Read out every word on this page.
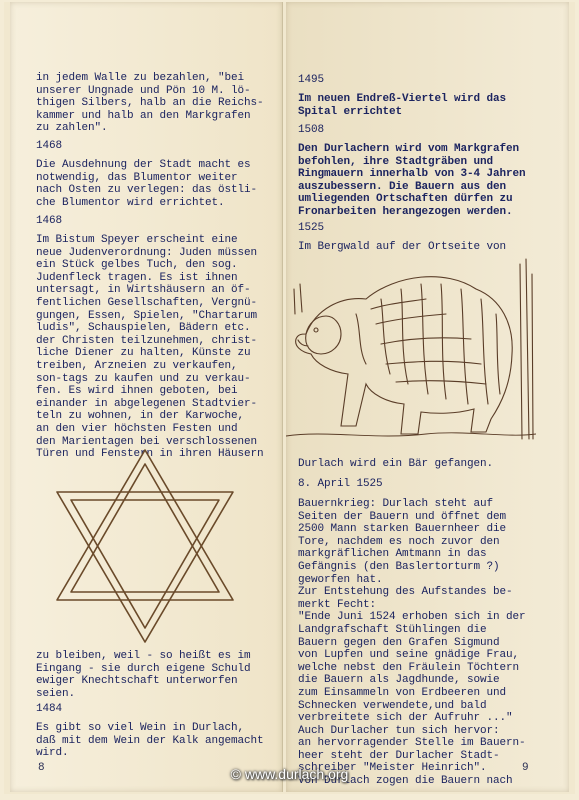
in jedem Walle zu bezahlen, "bei
unserer Ungnade und Pön 10 M. lö-
thigen Silbers, halb an die Reichs-
kammer und halb an den Markgrafen
zu zahlen".
1468
Die Ausdehnung der Stadt macht es
notwendig, das Blumentor weiter
nach Osten zu verlegen: das östli-
che Blumentor wird errichtet.
1468
Im Bistum Speyer erscheint eine
neue Judenverordnung: Juden müssen
ein Stück gelbes Tuch, den sog.
Judenfleck tragen. Es ist ihnen
untersagt, in Wirtshäusern an öf-
fentlichen Gesellschaften, Vergnü-
gungen, Essen, Spielen, "Chartarum
ludis", Schauspielen, Bädern etc.
der Christen teilzunehmen, christ-
liche Diener zu halten, Künste zu
treiben, Arzneien zu verkaufen,
son-tags zu kaufen und zu verkau-
fen. Es wird ihnen geboten, bei
einander in abgelegenen Stadtvier-
teln zu wohnen, in der Karwoche,
an den vier höchsten Festen und
den Marientagen bei verschlossenen
Türen und Fenstern in ihren Häusern
zu bleiben, weil - so heißt es im
Eingang - sie durch eigene Schuld
ewiger Knechtschaft unterworfen
seien.
1484
Es gibt so viel Wein in Durlach,
daß mit dem Wein der Kalk angemacht
wird.
8
1495
Im neuen Endreß-Viertel wird das
Spital errichtet
1508
Den Durlachern wird vom Markgrafen
befohlen, ihre Stadtgräben und
Ringmauern innerhalb von 3-4 Jahren
auszubessern. Die Bauern aus den
umliegenden Ortschaften dürfen zu
Fronarbeiten herangezogen werden.
1525
Im Bergwald auf der Ortseite von
Durlach wird ein Bär gefangen.
8. April 1525
Bauernkrieg: Durlach steht auf
Seiten der Bauern und öffnet dem
2500 Mann starken Bauernheer die
Tore, nachdem es noch zuvor den
markgräflichen Amtmann in das
Gefängnis (den Baslertorturm ?)
geworfen hat.
Zur Entstehung des Aufstandes be-
merkt Fecht:
"Ende Juni 1524 erhoben sich in der
Landgrafschaft Stühlingen die
Bauern gegen den Grafen Sigmund
von Lupfen und seine gnädige Frau,
welche nebst den Fräulein Töchtern
die Bauern als Jagdhunde, sowie
zum Einsammeln von Erdbeeren und
Schnecken verwendete,und bald
verbreitete sich der Aufruhr ..."
Auch Durlacher tun sich hervor:
an hervorragender Stelle im Bauern-
heer steht der Durlacher Stadt-
schreiber "Meister Heinrich".
Von Durlach zogen die Bauern nach
9
© www.durlach.org
